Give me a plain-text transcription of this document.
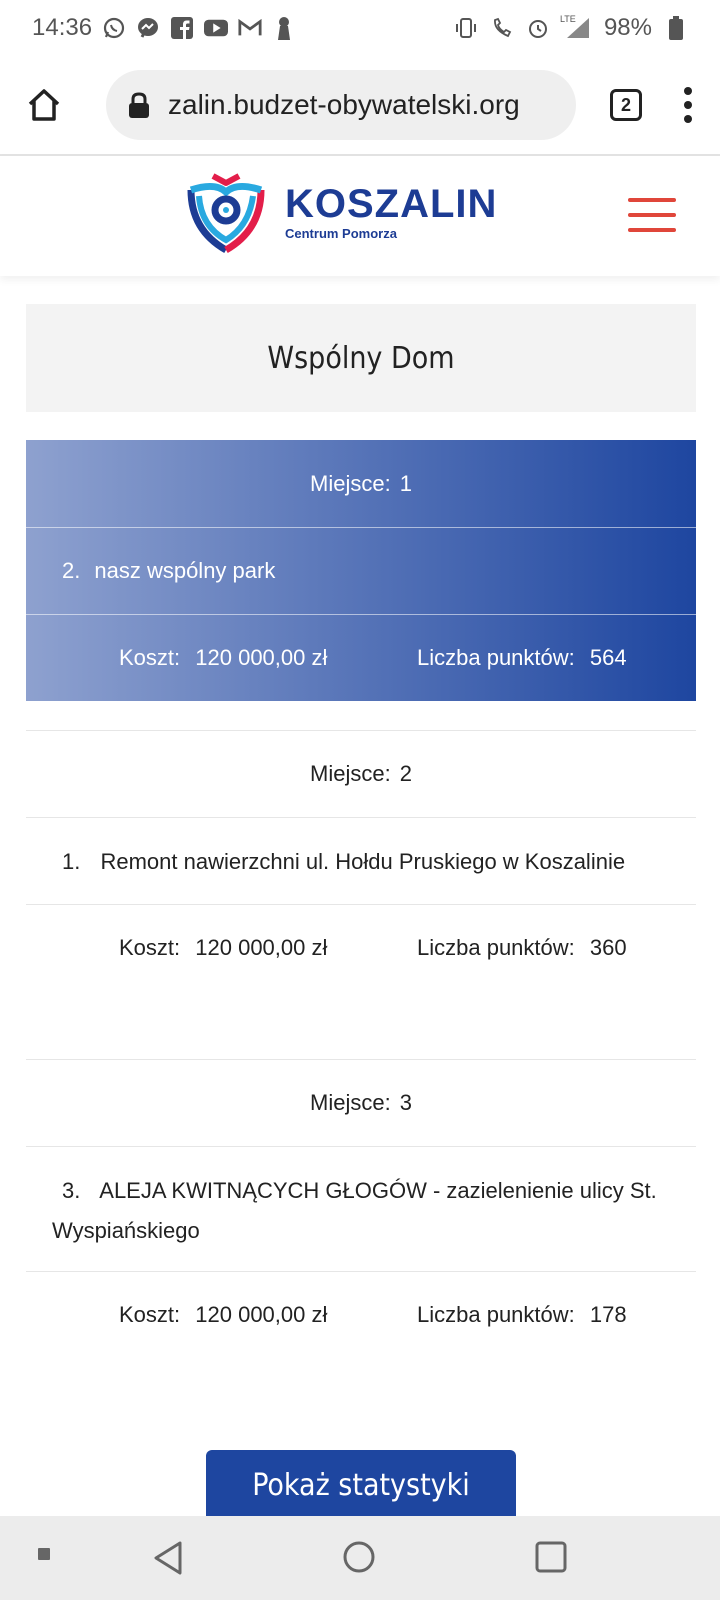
14:36	LTE 98%
zalin.budzet-obywatelski.org	2
KOSZALIN
Centrum Pomorza
Wspólny Dom
Miejsce: 1
2. nasz wspólny park
Koszt: 120 000,00 zł	Liczba punktów: 564
Miejsce: 2
1. Remont nawierzchni ul. Hołdu Pruskiego w Koszalinie
Koszt: 120 000,00 zł	Liczba punktów: 360
Miejsce: 3
3. ALEJA KWITNĄCYCH GŁOGÓW - zazielenienie ulicy St. Wyspiańskiego
Koszt: 120 000,00 zł	Liczba punktów: 178
Pokaż statystyki
